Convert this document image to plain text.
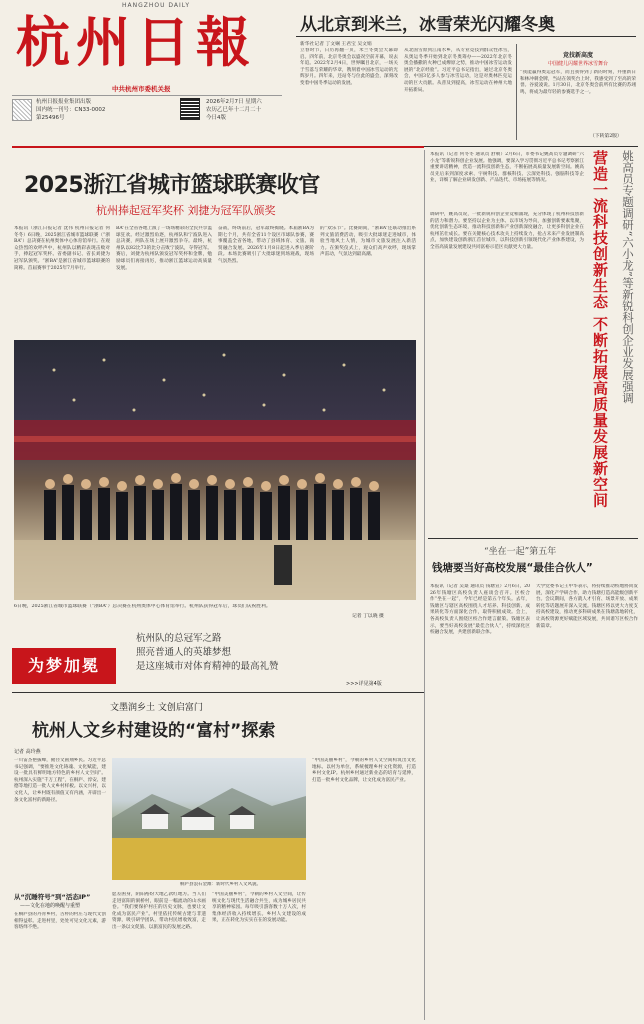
HANGZHOU DAILY
杭州日報
中共杭州市委机关报
杭州日报报业集团出版
国内统一刊号：CN33-0002
第25496号
2026年2月7日 星期六
农历乙巳年十二月二十
今日4版
从北京到米兰，冰雪荣光闪耀冬奥
新华社记者 丁文娴 王君宝 吴文娟
立春时节，日历再翻一页，米兰冬奥会大幕即启。四年前，北京冬奥会以盛况空前开幕，说去年追。2022年2月4日，世界瞩目北京，一场关于雪落与荣耀的华章，镌刻着中国冰雪运动的光辉岁月。四年来，还站冬与位此的盛会，深刻改变着中国冬季运动的发展。
从北国雪原到江南水乡，从专业竞技到群众性冰雪，从奥运冬季开始到北京冬奥筹办——2022年北京冬奥会播撒的火种已成燎原之势，推动中国冰雪运动发展的“北京经验”。习近平总书记指出，通过北京冬奥会，中国3亿多人参与冰雪运动，这是对奥林匹克运动的巨大贡献。从普及到提高，冰雪运动在神州大地开拓新局。
竞技新高度
中国健儿闪耀世界冰雪舞台
“我能赢得奥运冠军，而且我得到了新的时刻，并重新日和林冲刺金牌，当站在领奖台上时，我感受到了至高的荣誉。谷爱凌说。1月30日，北京冬奥会前所有比赛的苏翊鸣，将成为最年轻的参赛选手之一。
（下转第2版）
2025浙江省城市篮球联赛收官
杭州捧起冠军奖杯 刘捷为冠军队颁奖
本报讯（浙江日报记者 沈伟 杭州日报记者 何冬冬）6日晚，2025浙江省城市篮球联赛（“浙BA”）总决赛在杭州奥体中心体育馆举行。在观众热烈的欢呼声中，杭州队以精彩表现击败对手，捧起冠军奖杯。省委副书记、省长刘捷为冠军队颁奖。“浙BA”是浙江省城市篮球联赛的简称。首届赛事于2025年7月举行。
BA”在全省各地上演了一场场精彩的全民共享篮球狂欢。经过激烈角逐，杭州队和宁波队进入总决赛，两队在场上展开激烈争夺。最终，杭州队以82比73的比分击败宁波队，夺得冠军。赛后，刘捷为杭州队颁发冠军奖杯和金牌，勉励球员们再接再厉，推动浙江篮球运动高质量发展。
奋战，终场前后，冠军最终揭晓。本届浙BA为期七个月，共有全省11个设区市球队参赛，赛事覆盖全省各地，带动了县域体育、文旅、商贸融合发展。2026年1月8日起进入季后赛阶段。本场比赛吸引了大批球迷到场观战，现场气氛热烈。
的“欢乐节”。比赛期间，“浙BA”还联动推出系列文旅消费活动，吸引大批球迷走进城市，体验当地风土人情，为城市文旅发展注入新活力。在颁奖仪式上，观众们高声欢呼，现场掌声雷动，气氛达到最高潮。
6日晚，2025浙江省城市篮球联赛（“浙BA”）总决赛在杭州奥体中心体育馆举行。杭州队获得冠军后，球员们庆祝胜利。
记者 丁以晓 摄
为梦加冕
杭州队的总冠军之路
照亮普通人的英雄梦想
是这座城市对体育精神的最高礼赞
>>>详见第4版
文墨润乡土 文创启富门
杭州人文乡村建设的“富村”探索
记者 高玲燕
一川雷杰艳拔峰，俯径文圆翔乡民。习近平总书记强调，“要推进文化铸魂、文化赋能，建设一批具有鲜明地方特色的乡村人文空间”。杭州深入实施“千万工程”，在桐庐、淳安、建德等地打造一批人文乡村样板。以文兴村，以文化人，让乡村既有颜值又有内涵，开辟出一条文化富村的新路径。
桐庐县浪石金滩：新时代乡村人文风貌。
愿差困身，阴阳裕纷大地乙款红地方。当人们走进富阳的洞桥村，眼前是一幅流动的山水画卷。“我们要保护村庄的历史文脉，也要让文化成为富民产业”。村里依托传统古建与非遗资源，吸引研学团队，带动村民增收致富，走出一条以文促旅、以旅富民的发展之路。
“中国美丽乡村”，今朝的乡村人文空间，让传统文化与现代生活融合共生，成为城乡居民共享的精神家园。每年吸引游客数十万人次，村集体经济收入持续增长。乡村人文建设的成果，正在转化为实实在在的发展动能。
“中国美丽乡村”，今朝的乡村人文空间构筑出文化地标。以村为单位，系统梳理乡村文化资源，打造乡村文化IP。杭州乡村通过新业态的培育与延伸，打造一批乡村文化品牌，让文化成为富民产业。
从“沉睡符号”到“活态IP”
——文化在地的唤醒与重塑
在桐庐县的丹青乡村，古朴的村庄与现代文创相得益彰。走进村里，处处可见文化元素，游客络绎不绝。
本报讯（记者 何冬冬 通讯员 舒朝）2月6日，市委书记姚高员专题调研“六小龙”等新锐科创企业发展。他强调，要深入学习贯彻习近平总书记考察浙江重要讲话精神，营造一流科技创新生态，不断拓展高质量发展新空间。姚高员先后来到深度求索、宇树科技、群核科技、云深处科技、强脑科技等企业，详细了解企业研发创新、产品迭代、市场拓展等情况。
调研中，姚高员说，一批新锐科创企业竞相涌现，充分体现了杭州科技创新的活力和潜力。要坚持以企业为主体、以市场为导向，加强创新要素集聚，优化创新生态环境，推动科技创新和产业创新深度融合，让更多科创企业在杭州茁壮成长。要在关键核心技术攻关上持续发力，抢占未来产业发展制高点，加快建设创新浙江首位城市，以科技创新引领现代化产业体系建设，为全省高质量发展建设共同富裕示范区贡献更大力量。	营造一流科技创新生态 不断拓展高质量发展新空间	姚高员专题调研“六小龙”等新锐科创企业发展强调
“坐在一起”第五年
钱塘要当好高校发展“最佳合伙人”
本报讯（记者 吴桑 通讯员 钱塘宣）2月6日，2026年钱塘区高校负责人座谈会召开。区校合作“坐在一起”，今年已经是第五个年头。去年，钱塘区与辖区高校围绕人才培养、科技创新、成果转化等方面深化合作，取得积极成效。会上，各高校负责人围绕区校合作建言献策。钱塘区表示，要当好高校发展“最佳合伙人”，持续深化区校融合发展，共建创新联合体。
大学党委书记王中华表示，将持续推动校地协同发展，深化产学研合作，助力钱塘打造高能级创新平台。会议期间，各方就人才引育、场景开放、成果转化等话题展开深入交流。钱塘区将以更大力度支持高校建设，推动更多科研成果在钱塘落地转化，让高校资源更好赋能区域发展，共同谱写区校合作新篇章。
